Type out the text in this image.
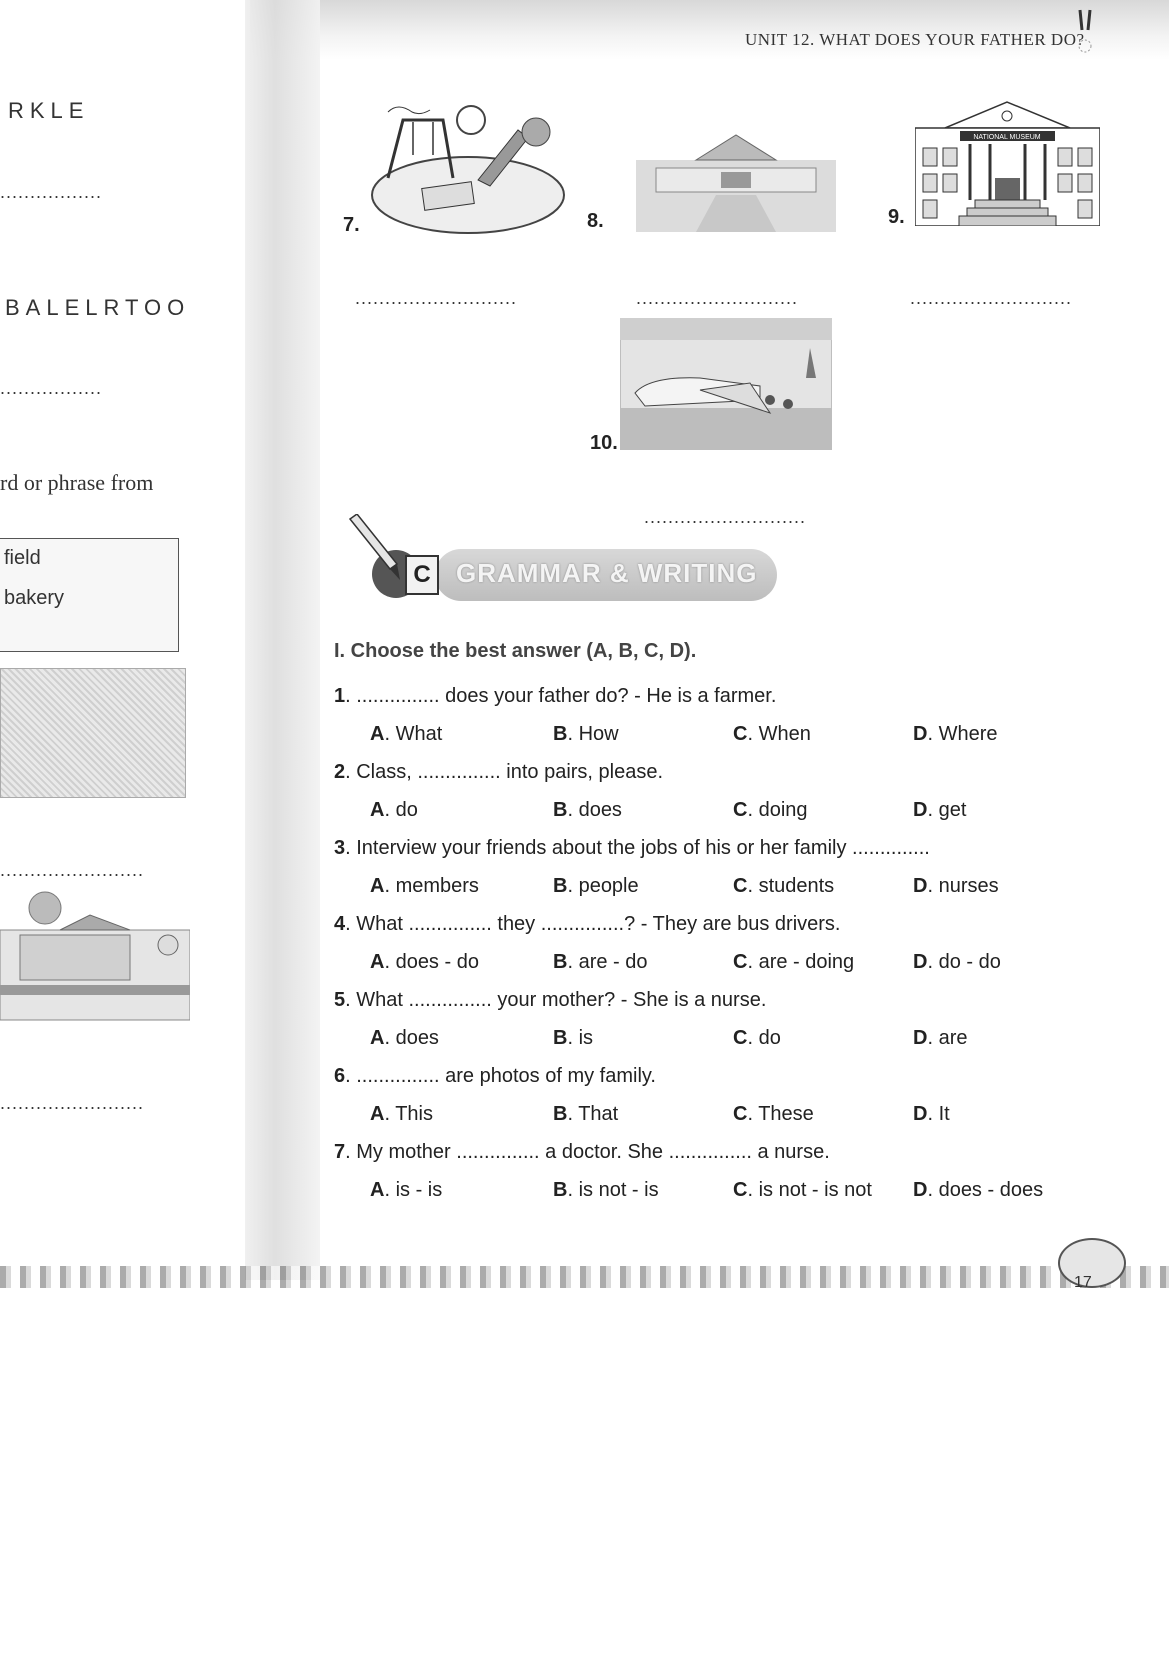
UNIT 12. WHAT DOES YOUR FATHER DO?
RKLE
.................
BALELRTOO
.................
rd or phrase from
field
bakery
........................
........................
7.	8.	9.
NATIONAL MUSEUM
...........................	...........................	...........................
10.
...........................
C GRAMMAR & WRITING
I. Choose the best answer (A, B, C, D).
1. ............... does your father do? - He is a farmer.
A. What	B. How	C. When	D. Where
2. Class, ............... into pairs, please.
A. do	B. does	C. doing	D. get
3. Interview your friends about the jobs of his or her family ..............
A. members	B. people	C. students	D. nurses
4. What ............... they ...............? - They are bus drivers.
A. does - do	B. are - do	C. are - doing	D. do - do
5. What ............... your mother? - She is a nurse.
A. does	B. is	C. do	D. are
6. ............... are photos of my family.
A. This	B. That	C. These	D. It
7. My mother ............... a doctor. She ............... a nurse.
A. is - is	B. is not - is	C. is not - is not D. does - does
17
